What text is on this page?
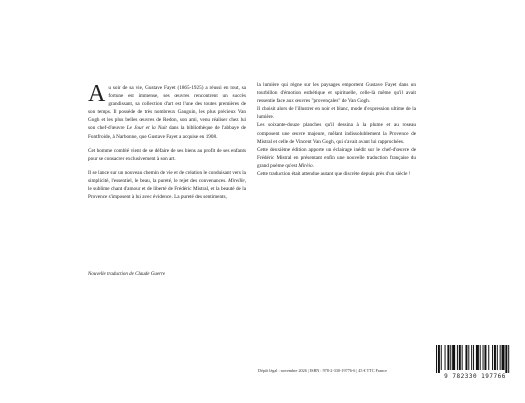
Au soir de sa vie, Gustave Fayet (1865-1925) a réussi en tout, sa fortune est immense, ses œuvres rencontrent un succès grandissant, sa collection d'art est l'une des toutes premières de son temps. Il possède de très nombreux Gauguin, les plus précieux Van Gogh et les plus belles œuvres de Redon, son ami, venu réaliser chez lui son chef-d'œuvre Le Jour et la Nuit dans la bibliothèque de l'abbaye de Fontfroide, à Narbonne, que Gustave Fayet a acquise en 1908.

Cet homme comblé vient de se défaire de ses biens au profit de ses enfants pour se consacrer exclusivement à son art.

Il se lance sur un nouveau chemin de vie et de création le conduisant vers la simplicité, l'essentiel, le beau, la pureté, le rejet des convenances. Mireille, le sublime chant d'amour et de liberté de Frédéric Mistral, et la beauté de la Provence s'imposent à lui avec évidence. La pureté des sentiments,

Nouvelle traduction de Claude Guerre

la lumière qui règne sur les paysages emportent Gustave Fayet dans un tourbillon d'émotion esthétique et spirituelle, celle-là même qu'il avait ressentie face aux œuvres "provençales" de Van Gogh.

Il choisit alors de l'illustrer en noir et blanc, mode d'expression ultime de la lumière.

Les soixante-douze planches qu'il dessina à la plume et au roseau composent une œuvre majeure, mêlant indissolublement la Provence de Mistral et celle de Vincent Van Gogh, qui s'avait avant lui rapprochées.

Cette deuxième édition apporte un éclairage inédit sur le chef-d'œuvre de Frédéric Mistral en présentant enfin une nouvelle traduction française du grand poème qu'est Mirèio.

Cette traduction était attendue autant que discrète depuis près d'un siècle !

Dépôt légal : novembre 2026 | ISBN : 978-2-330-19776-6 | 45 € TTC France
9 782330 197766
